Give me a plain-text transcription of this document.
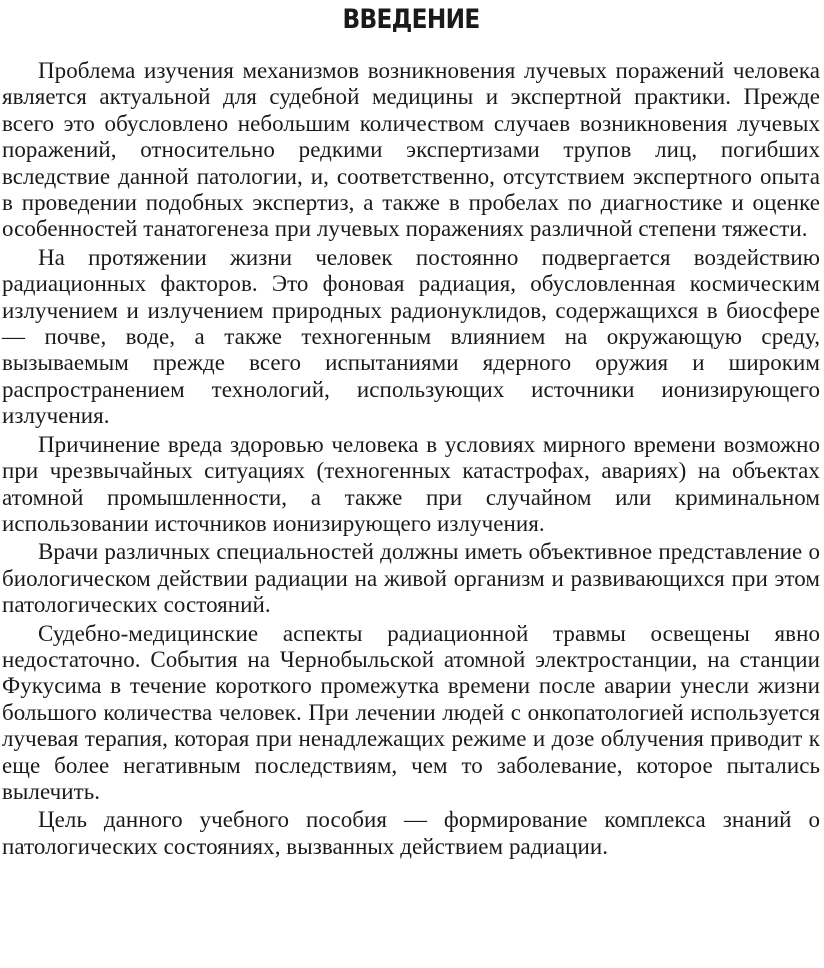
ВВЕДЕНИЕ

Проблема изучения механизмов возникновения лучевых поражений человека является актуальной для судебной медицины и экспертной практики. Прежде всего это обусловлено небольшим количеством случаев возникновения лучевых поражений, относительно редкими экспертизами трупов лиц, погибших вследствие данной патологии, и, соответственно, отсутствием экспертного опыта в проведении подобных экспертиз, а также в пробелах по диагностике и оценке особенностей танатогенеза при лучевых поражениях различной степени тяжести.

На протяжении жизни человек постоянно подвергается воздействию радиационных факторов. Это фоновая радиация, обусловленная космическим излучением и излучением природных радионуклидов, содержащихся в биосфере — почве, воде, а также техногенным влиянием на окружающую среду, вызываемым прежде всего испытаниями ядерного оружия и широким распространением технологий, использующих источники ионизирующего излучения.

Причинение вреда здоровью человека в условиях мирного времени возможно при чрезвычайных ситуациях (техногенных катастрофах, авариях) на объектах атомной промышленности, а также при случайном или криминальном использовании источников ионизирующего излучения.

Врачи различных специальностей должны иметь объективное представление о биологическом действии радиации на живой организм и развивающихся при этом патологических состояний.

Судебно-медицинские аспекты радиационной травмы освещены явно недостаточно. События на Чернобыльской атомной электростанции, на станции Фукусима в течение короткого промежутка времени после аварии унесли жизни большого количества человек. При лечении людей с онкопатологией используется лучевая терапия, которая при ненадлежащих режиме и дозе облучения приводит к еще более негативным последствиям, чем то заболевание, которое пытались вылечить.

Цель данного учебного пособия — формирование комплекса знаний о патологических состояниях, вызванных действием радиации.
